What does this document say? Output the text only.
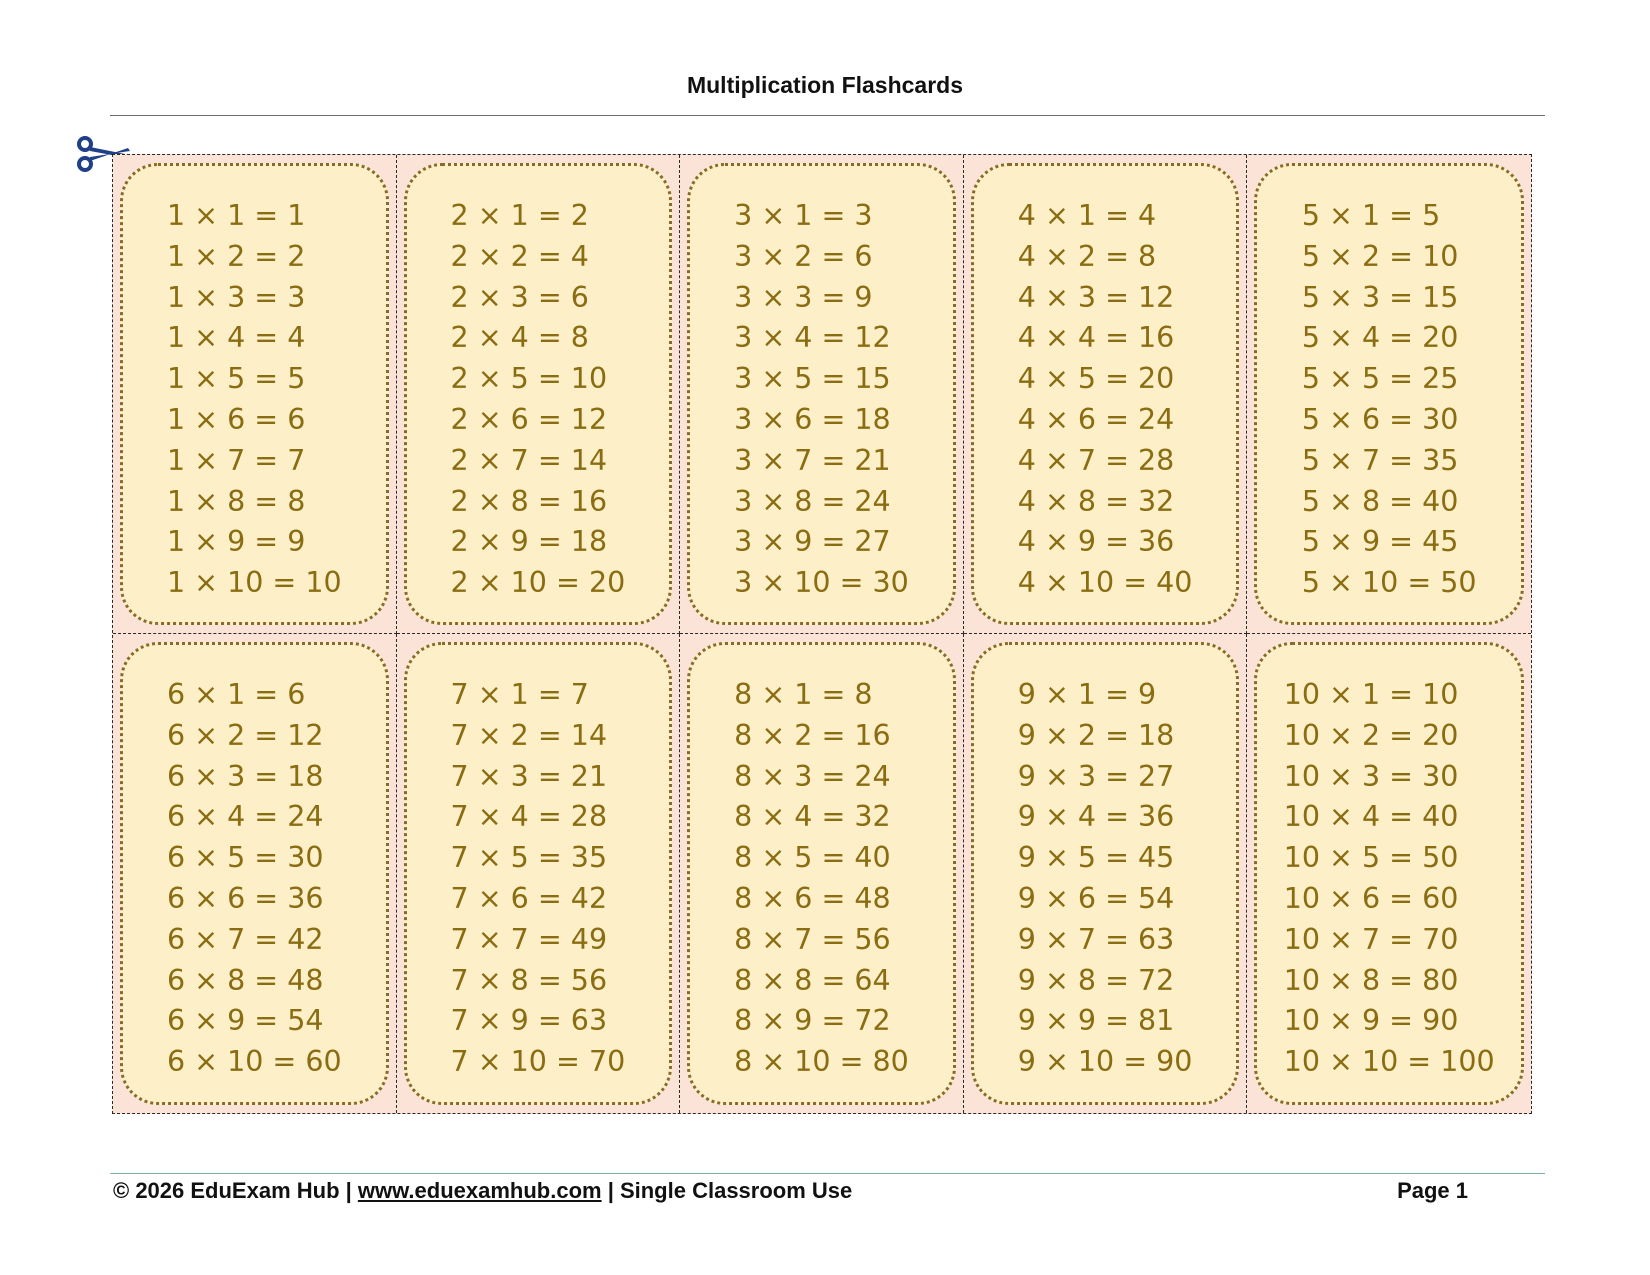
Multiplication Flashcards
1 × 1 = 1
1 × 2 = 2
1 × 3 = 3
1 × 4 = 4
1 × 5 = 5
1 × 6 = 6
1 × 7 = 7
1 × 8 = 8
1 × 9 = 9
1 × 10 = 10
2 × 1 = 2
2 × 2 = 4
2 × 3 = 6
2 × 4 = 8
2 × 5 = 10
2 × 6 = 12
2 × 7 = 14
2 × 8 = 16
2 × 9 = 18
2 × 10 = 20
3 × 1 = 3
3 × 2 = 6
3 × 3 = 9
3 × 4 = 12
3 × 5 = 15
3 × 6 = 18
3 × 7 = 21
3 × 8 = 24
3 × 9 = 27
3 × 10 = 30
4 × 1 = 4
4 × 2 = 8
4 × 3 = 12
4 × 4 = 16
4 × 5 = 20
4 × 6 = 24
4 × 7 = 28
4 × 8 = 32
4 × 9 = 36
4 × 10 = 40
5 × 1 = 5
5 × 2 = 10
5 × 3 = 15
5 × 4 = 20
5 × 5 = 25
5 × 6 = 30
5 × 7 = 35
5 × 8 = 40
5 × 9 = 45
5 × 10 = 50
6 × 1 = 6
6 × 2 = 12
6 × 3 = 18
6 × 4 = 24
6 × 5 = 30
6 × 6 = 36
6 × 7 = 42
6 × 8 = 48
6 × 9 = 54
6 × 10 = 60
7 × 1 = 7
7 × 2 = 14
7 × 3 = 21
7 × 4 = 28
7 × 5 = 35
7 × 6 = 42
7 × 7 = 49
7 × 8 = 56
7 × 9 = 63
7 × 10 = 70
8 × 1 = 8
8 × 2 = 16
8 × 3 = 24
8 × 4 = 32
8 × 5 = 40
8 × 6 = 48
8 × 7 = 56
8 × 8 = 64
8 × 9 = 72
8 × 10 = 80
9 × 1 = 9
9 × 2 = 18
9 × 3 = 27
9 × 4 = 36
9 × 5 = 45
9 × 6 = 54
9 × 7 = 63
9 × 8 = 72
9 × 9 = 81
9 × 10 = 90
10 × 1 = 10
10 × 2 = 20
10 × 3 = 30
10 × 4 = 40
10 × 5 = 50
10 × 6 = 60
10 × 7 = 70
10 × 8 = 80
10 × 9 = 90
10 × 10 = 100
© 2026 EduExam Hub | www.eduexamhub.com | Single Classroom Use	Page 1
